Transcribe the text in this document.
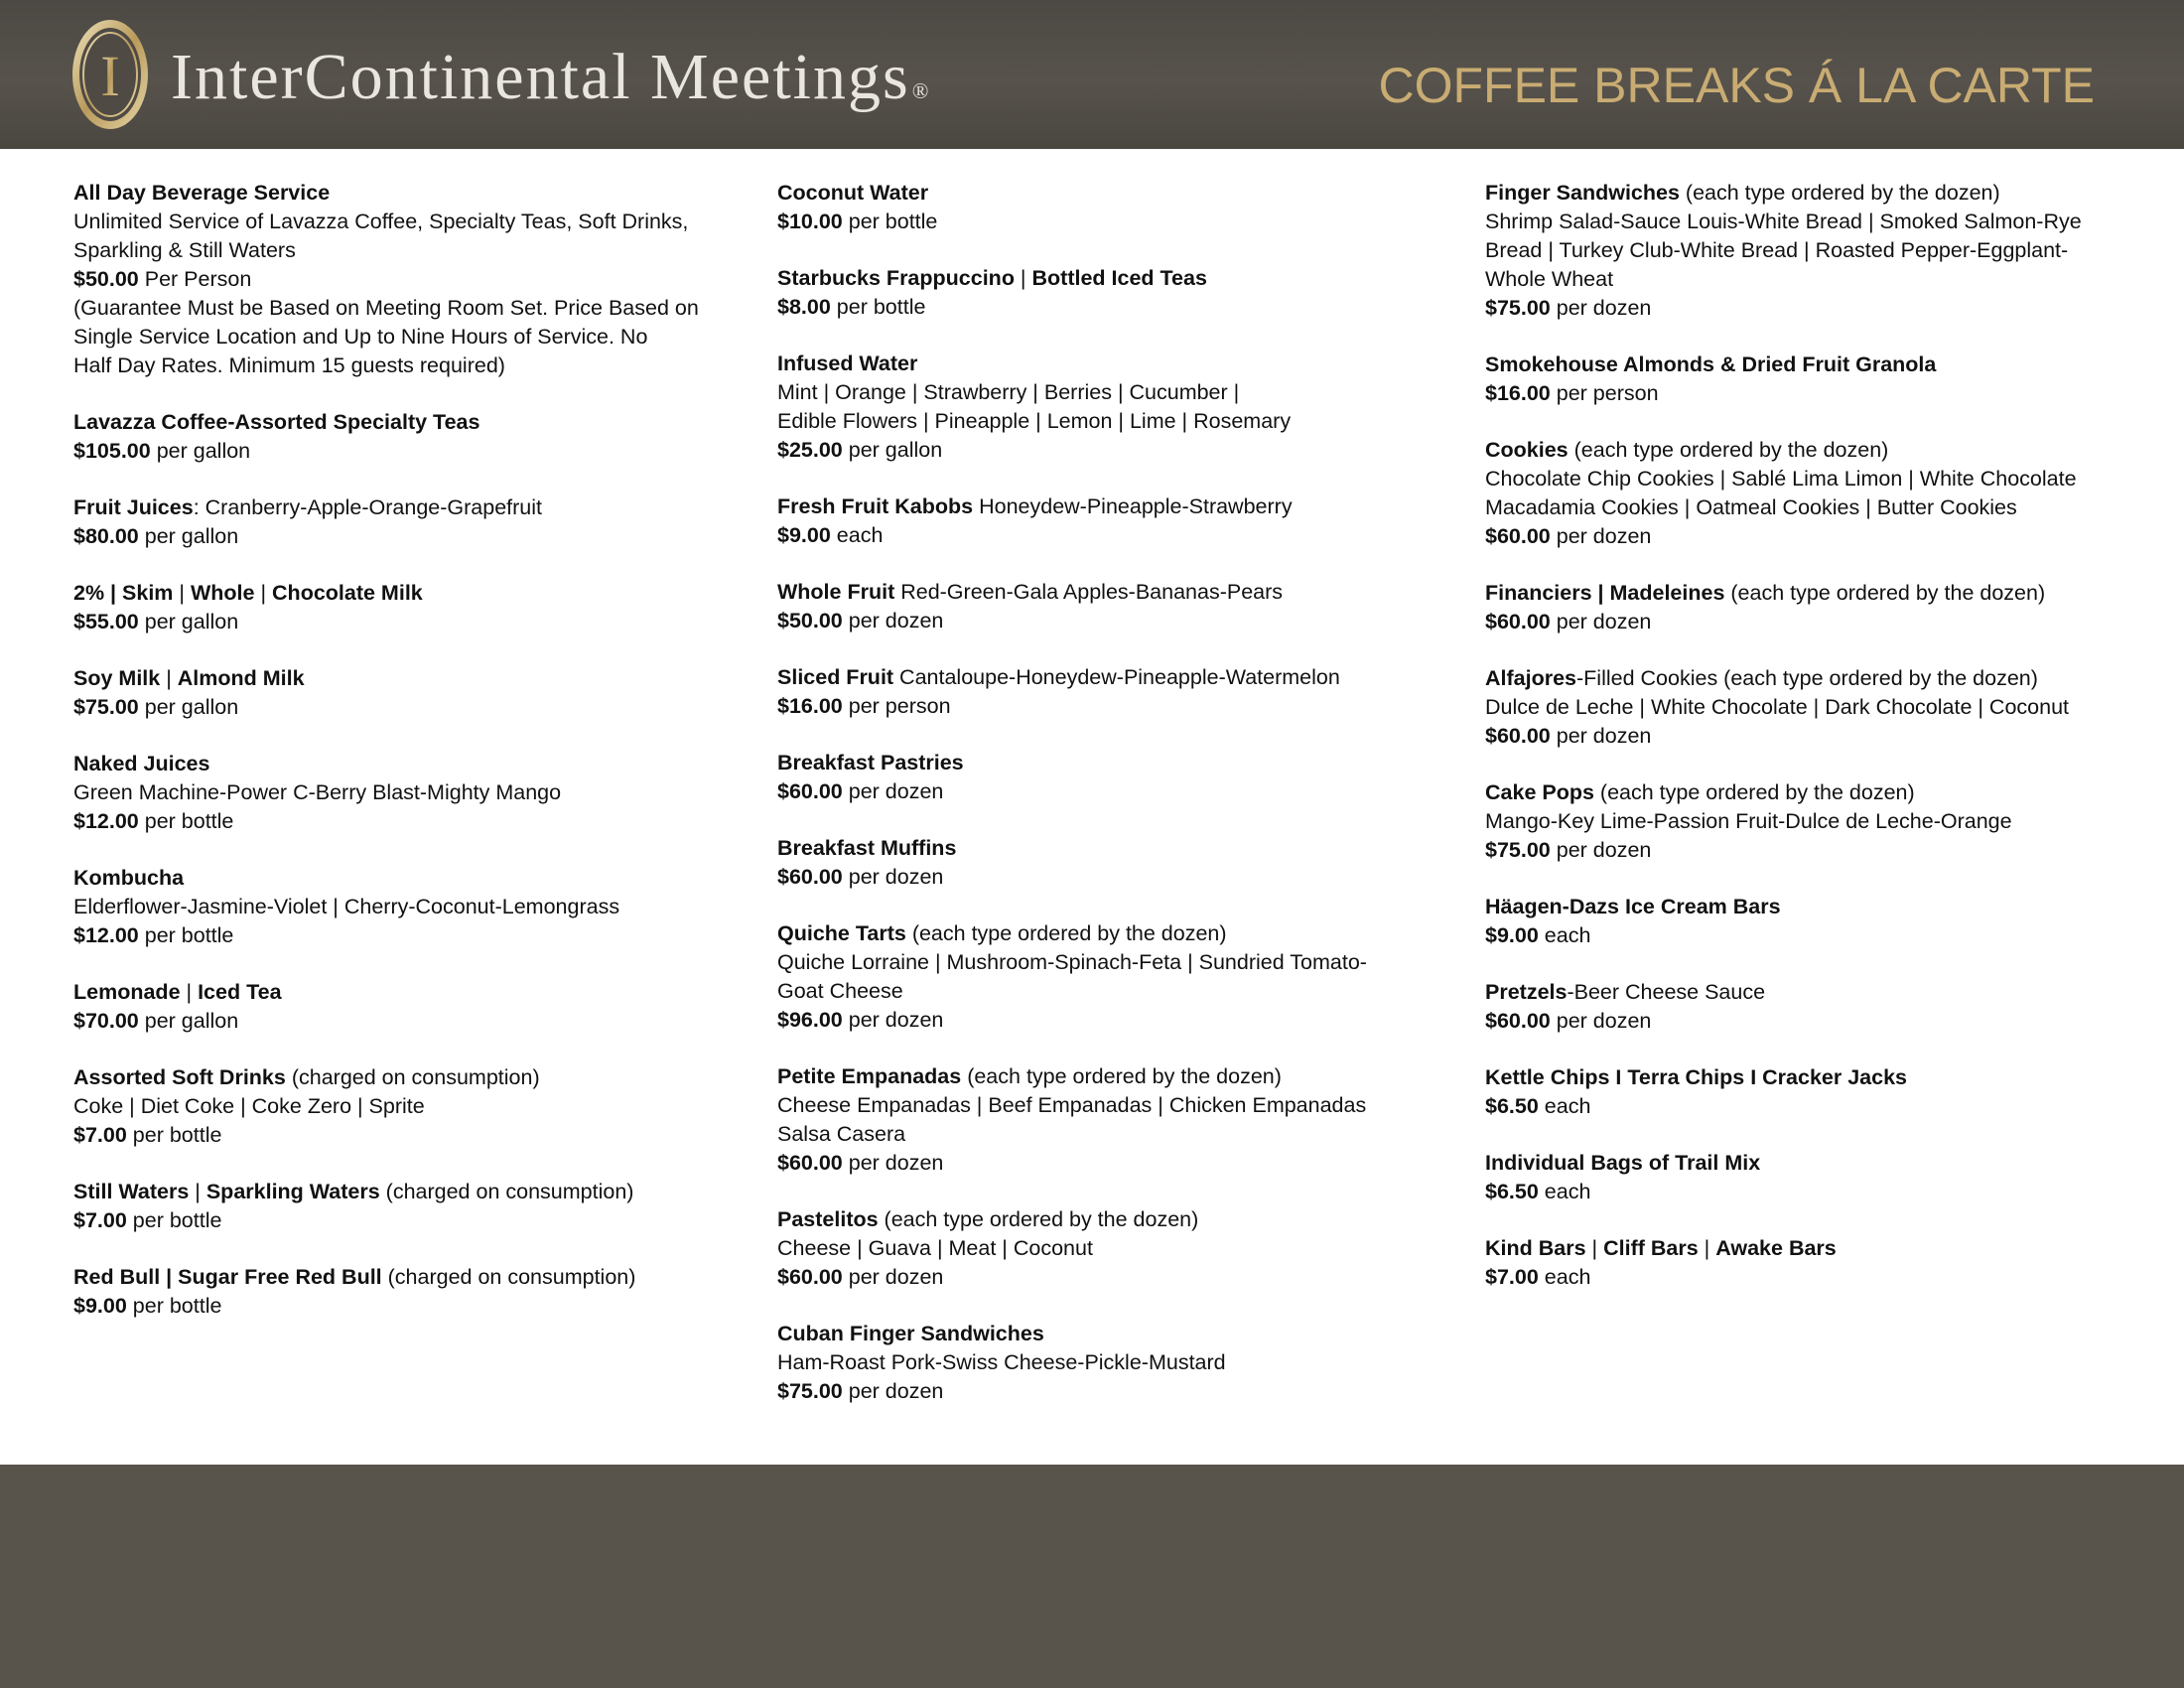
I InterContinental Meetings®	COFFEE BREAKS Á LA CARTE
All Day Beverage Service
Unlimited Service of Lavazza Coffee, Specialty Teas, Soft Drinks,
Sparkling & Still Waters
$50.00 Per Person
(Guarantee Must be Based on Meeting Room Set. Price Based on
Single Service Location and Up to Nine Hours of Service. No
Half Day Rates. Minimum 15 guests required)
Lavazza Coffee-Assorted Specialty Teas
$105.00 per gallon
Fruit Juices: Cranberry-Apple-Orange-Grapefruit
$80.00 per gallon
2% | Skim | Whole | Chocolate Milk
$55.00 per gallon
Soy Milk | Almond Milk
$75.00 per gallon
Naked Juices
Green Machine-Power C-Berry Blast-Mighty Mango
$12.00 per bottle
Kombucha
Elderflower-Jasmine-Violet | Cherry-Coconut-Lemongrass
$12.00 per bottle
Lemonade | Iced Tea
$70.00 per gallon
Assorted Soft Drinks (charged on consumption)
Coke | Diet Coke | Coke Zero | Sprite
$7.00 per bottle
Still Waters | Sparkling Waters (charged on consumption)
$7.00 per bottle
Red Bull | Sugar Free Red Bull (charged on consumption)
$9.00 per bottle
Coconut Water
$10.00 per bottle
Starbucks Frappuccino | Bottled Iced Teas
$8.00 per bottle
Infused Water
Mint | Orange | Strawberry | Berries | Cucumber |
Edible Flowers | Pineapple | Lemon | Lime | Rosemary
$25.00 per gallon
Fresh Fruit Kabobs Honeydew-Pineapple-Strawberry
$9.00 each
Whole Fruit Red-Green-Gala Apples-Bananas-Pears
$50.00 per dozen
Sliced Fruit Cantaloupe-Honeydew-Pineapple-Watermelon
$16.00 per person
Breakfast Pastries
$60.00 per dozen
Breakfast Muffins
$60.00 per dozen
Quiche Tarts (each type ordered by the dozen)
Quiche Lorraine | Mushroom-Spinach-Feta | Sundried Tomato-
Goat Cheese
$96.00 per dozen
Petite Empanadas (each type ordered by the dozen)
Cheese Empanadas | Beef Empanadas | Chicken Empanadas
Salsa Casera
$60.00 per dozen
Pastelitos (each type ordered by the dozen)
Cheese | Guava | Meat | Coconut
$60.00 per dozen
Cuban Finger Sandwiches
Ham-Roast Pork-Swiss Cheese-Pickle-Mustard
$75.00 per dozen
Finger Sandwiches (each type ordered by the dozen)
Shrimp Salad-Sauce Louis-White Bread | Smoked Salmon-Rye
Bread | Turkey Club-White Bread | Roasted Pepper-Eggplant-
Whole Wheat
$75.00 per dozen
Smokehouse Almonds & Dried Fruit Granola
$16.00 per person
Cookies (each type ordered by the dozen)
Chocolate Chip Cookies | Sablé Lima Limon | White Chocolate
Macadamia Cookies | Oatmeal Cookies | Butter Cookies
$60.00 per dozen
Financiers | Madeleines (each type ordered by the dozen)
$60.00 per dozen
Alfajores-Filled Cookies (each type ordered by the dozen)
Dulce de Leche | White Chocolate | Dark Chocolate | Coconut
$60.00 per dozen
Cake Pops (each type ordered by the dozen)
Mango-Key Lime-Passion Fruit-Dulce de Leche-Orange
$75.00 per dozen
Häagen-Dazs Ice Cream Bars
$9.00 each
Pretzels-Beer Cheese Sauce
$60.00 per dozen
Kettle Chips I Terra Chips I Cracker Jacks
$6.50 each
Individual Bags of Trail Mix
$6.50 each
Kind Bars | Cliff Bars | Awake Bars
$7.00 each
